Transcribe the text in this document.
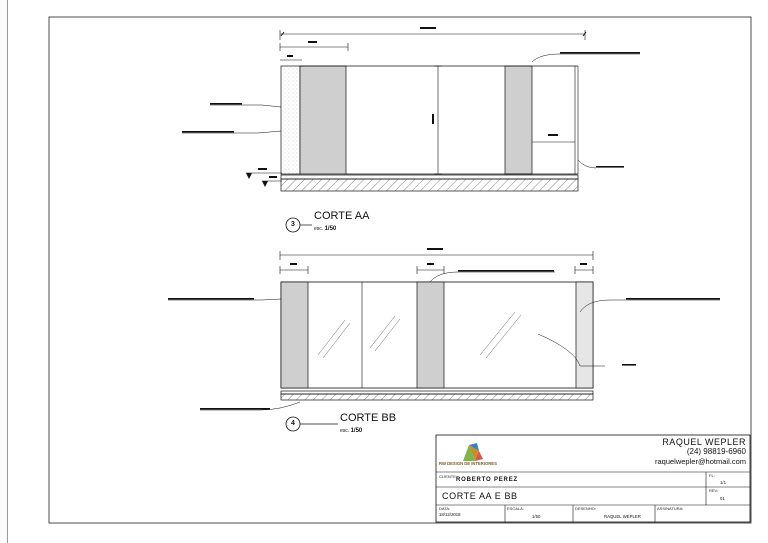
3
CORTE AA
esc. 1/50
4	CORTE BB
esc. 1/50
RAQUEL WEPLER
(24) 98819-6960
raquelwepler@hotmail.com
RW DESIGN DE INTERIORES
CLIENTE:
ROBERTO PEREZ
FL:
1/1
CORTE AA E BB
REV:
01
DATA:
18/12/2018
ESCALA:
1/50
DESENHO:
RAQUEL WEPLER
ASSINATURA:
